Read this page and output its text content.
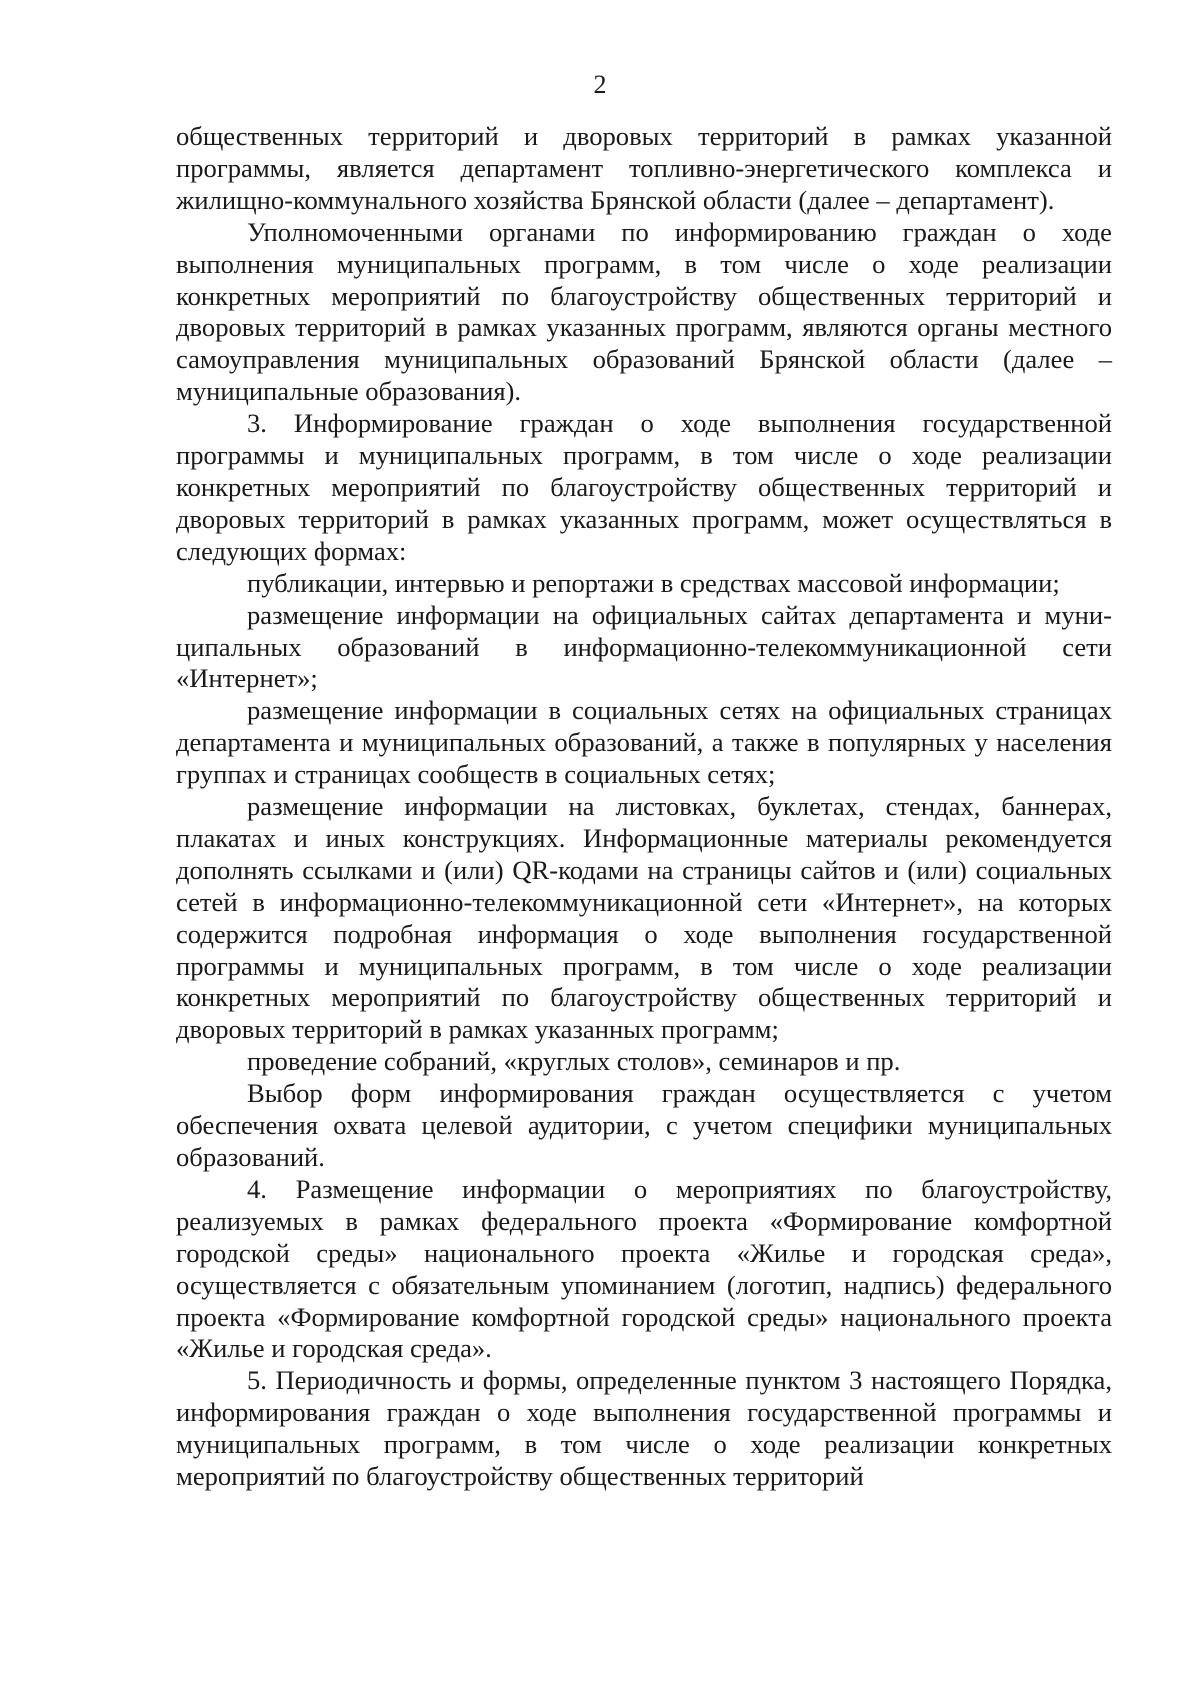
2

общественных территорий и дворовых территорий в рамках указанной программы, является департамент топливно-энергетического комплекса и жилищно-коммунального хозяйства Брянской области (далее – департамент).

Уполномоченными органами по информированию граждан о ходе выполнения муниципальных программ, в том числе о ходе реализации конкретных мероприятий по благоустройству общественных территорий и дворовых территорий в рамках указанных программ, являются органы местного самоуправления муниципальных образований Брянской области (далее – муниципальные образования).

3. Информирование граждан о ходе выполнения государственной программы и муниципальных программ, в том числе о ходе реализации конкретных мероприятий по благоустройству общественных территорий и дворовых территорий в рамках указанных программ, может осуществляться в следующих формах:

публикации, интервью и репортажи в средствах массовой информации;

размещение информации на официальных сайтах департамента и муниципальных образований в информационно-телекоммуникационной сети «Интернет»;

размещение информации в социальных сетях на официальных страницах департамента и муниципальных образований, а также в популярных у населения группах и страницах сообществ в социальных сетях;

размещение информации на листовках, буклетах, стендах, баннерах, плакатах и иных конструкциях. Информационные материалы рекомендуется дополнять ссылками и (или) QR-кодами на страницы сайтов и (или) социальных сетей в информационно-телекоммуникационной сети «Интернет», на которых содержится подробная информация о ходе выполнения государственной программы и муниципальных программ, в том числе о ходе реализации конкретных мероприятий по благоустройству общественных территорий и дворовых территорий в рамках указанных программ;

проведение собраний, «круглых столов», семинаров и пр.

Выбор форм информирования граждан осуществляется с учетом обеспечения охвата целевой аудитории, с учетом специфики муниципальных образований.

4. Размещение информации о мероприятиях по благоустройству, реализуемых в рамках федерального проекта «Формирование комфортной городской среды» национального проекта «Жилье и городская среда», осуществляется с обязательным упоминанием (логотип, надпись) федерального проекта «Формирование комфортной городской среды» национального проекта «Жилье и городская среда».

5. Периодичность и формы, определенные пунктом 3 настоящего Порядка, информирования граждан о ходе выполнения государственной программы и муниципальных программ, в том числе о ходе реализации конкретных мероприятий по благоустройству общественных территорий
